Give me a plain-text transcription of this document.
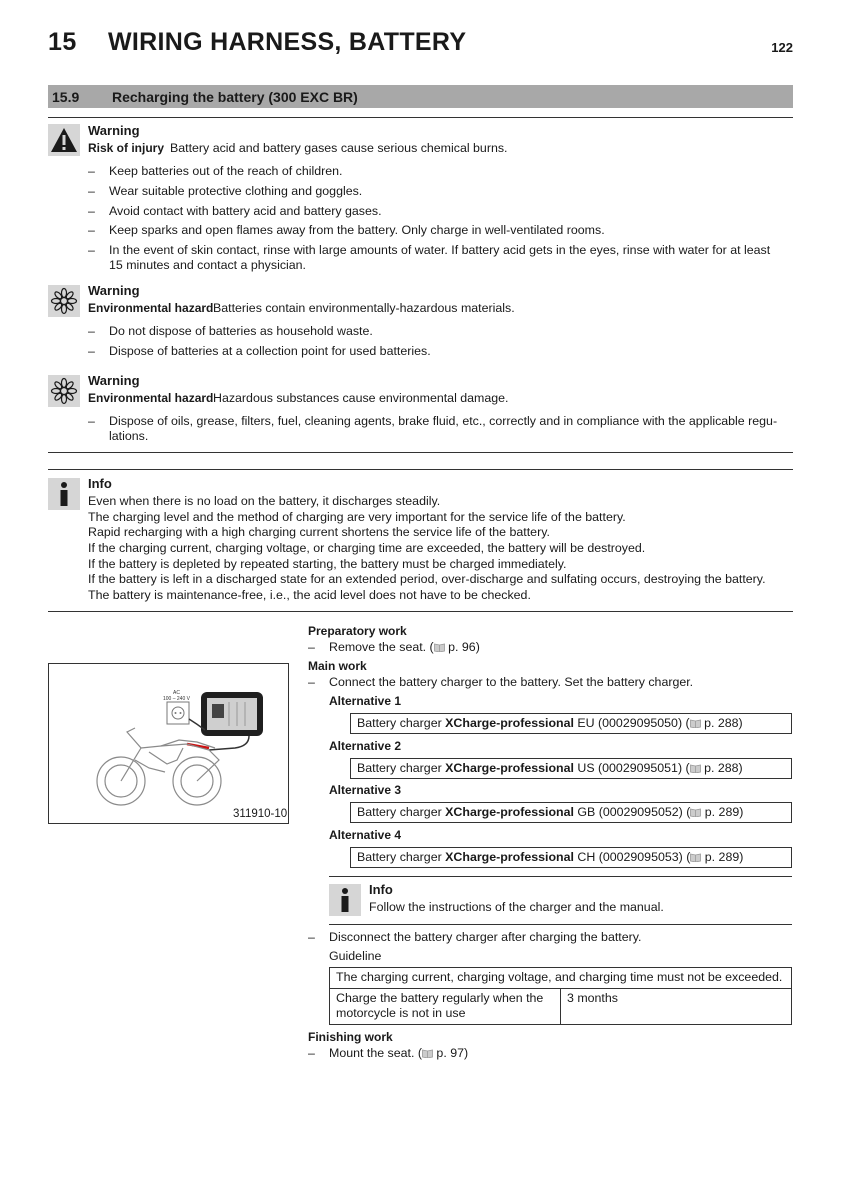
15 WIRING HARNESS, BATTERY	122
15.9 Recharging the battery (300 EXC BR)
Warning
Risk of injury Battery acid and battery gases cause serious chemical burns.
– Keep batteries out of the reach of children.
– Wear suitable protective clothing and goggles.
– Avoid contact with battery acid and battery gases.
– Keep sparks and open flames away from the battery. Only charge in well-ventilated rooms.
– In the event of skin contact, rinse with large amounts of water. If battery acid gets in the eyes, rinse with water for at least
15 minutes and contact a physician.
Warning
Environmental hazard Batteries contain environmentally-hazardous materials.
– Do not dispose of batteries as household waste.
– Dispose of batteries at a collection point for used batteries.
Warning
Environmental hazard Hazardous substances cause environmental damage.
– Dispose of oils, grease, filters, fuel, cleaning agents, brake fluid, etc., correctly and in compliance with the applicable regu-
lations.
Info
Even when there is no load on the battery, it discharges steadily.
The charging level and the method of charging are very important for the service life of the battery.
Rapid recharging with a high charging current shortens the service life of the battery.
If the charging current, charging voltage, or charging time are exceeded, the battery will be destroyed.
If the battery is depleted by repeated starting, the battery must be charged immediately.
If the battery is left in a discharged state for an extended period, over-discharge and sulfating occurs, destroying the battery.
The battery is maintenance-free, i.e., the acid level does not have to be checked.
AC
100 – 240 V
311910-10
Preparatory work
– Remove the seat. ( p. 96)
Main work
– Connect the battery charger to the battery. Set the battery charger.
Alternative 1
Battery charger XCharge-professional EU (00029095050) ( p. 288)
Alternative 2
Battery charger XCharge-professional US (00029095051) ( p. 288)
Alternative 3
Battery charger XCharge-professional GB (00029095052) ( p. 289)
Alternative 4
Battery charger XCharge-professional CH (00029095053) ( p. 289)
Info
Follow the instructions of the charger and the manual.
– Disconnect the battery charger after charging the battery.
Guideline
The charging current, charging voltage, and charging time must not be exceeded.
Charge the battery regularly when the
motorcycle is not in use	3 months
Finishing work
– Mount the seat. ( p. 97)
